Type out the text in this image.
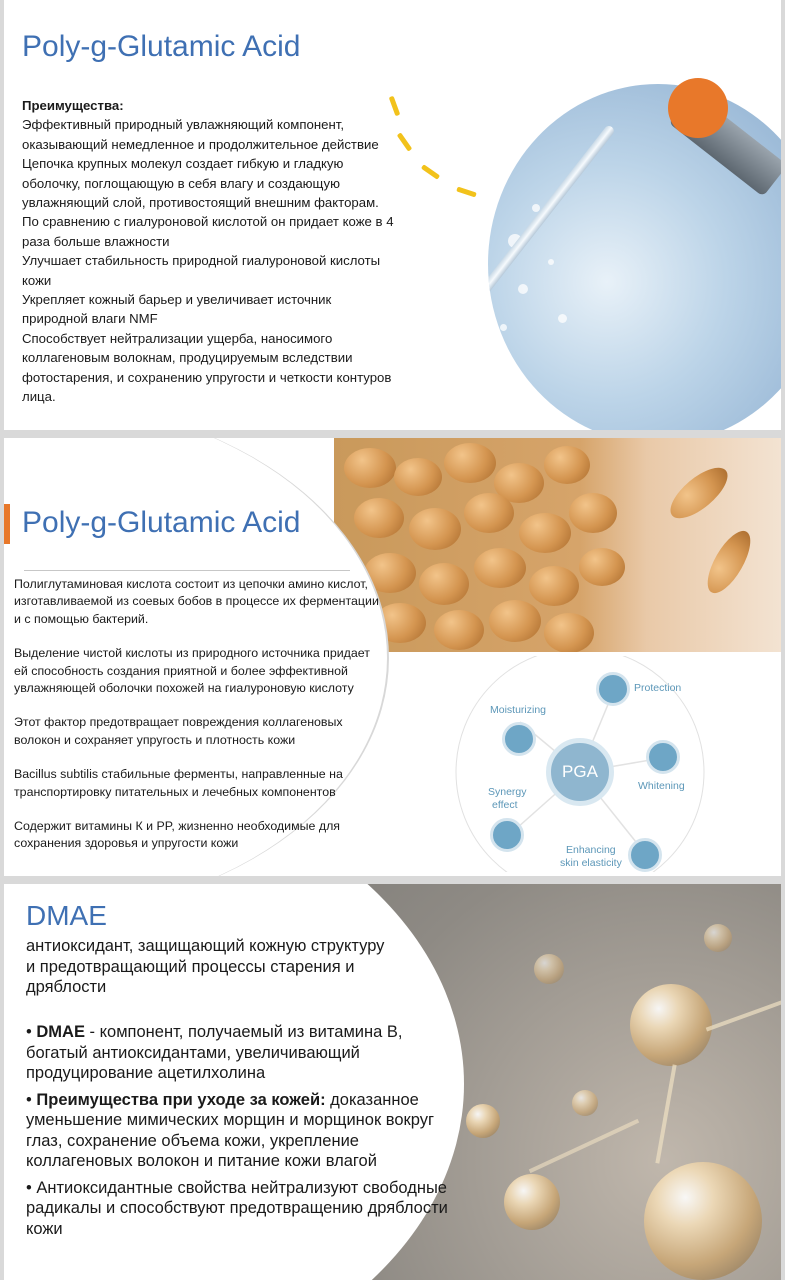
Poly-g-Glutamic Acid
Преимущества:
Эффективный природный увлажняющий компонент,
оказывающий немедленное и продолжительное действие
Цепочка крупных молекул создает гибкую и гладкую
оболочку, поглощающую в себя влагу и создающую
увлажняющий слой, противостоящий внешним факторам.
По сравнению с гиалуроновой кислотой он придает коже в 4
раза больше влажности
Улучшает стабильность природной гиалуроновой кислоты
кожи
Укрепляет кожный барьер и увеличивает источник
природной влаги NMF
Способствует нейтрализации ущерба, наносимого
коллагеновым волокнам, продуцируемым вследствии
фотостарения, и сохранению упругости и четкости контуров
лица.
Poly-g-Glutamic Acid

Полиглутаминовая кислота состоит из цепочки амино кислот, изготавливаемой из соевых бобов в процессе их ферментации и с помощью бактерий.

Выделение чистой кислоты из природного источника придает ей способность создания приятной и более эффективной увлажняющей оболочки похожей на гиалуроновую кислоту

Этот фактор предотвращает повреждения коллагеновых волокон и сохраняет упругость и плотность кожи

Bacillus subtilis стабильные ферменты, направленные на транспортировку питательных и лечебных компонентов

Содержит витамины К и PP, жизненно необходимые для сохранения здоровья и упругости кожи

PGA
Protection
Moisturizing
Whitening
Synergy
effect
Enhancing
skin elasticity
DMAE
антиоксидант, защищающий кожную структуру и предотвращающий процессы старения и дряблости
• DMAE - компонент, получаемый из витамина В, богатый антиоксидантами, увеличивающий продуцирование ацетилхолина
• Преимущества при уходе за кожей: доказанное уменьшение мимических морщин и морщинок вокруг глаз, сохранение объема кожи, укрепление коллагеновых волокон и питание кожи влагой
• Антиоксидантные свойства нейтрализуют свободные радикалы и способствуют предотвращению дряблости кожи
